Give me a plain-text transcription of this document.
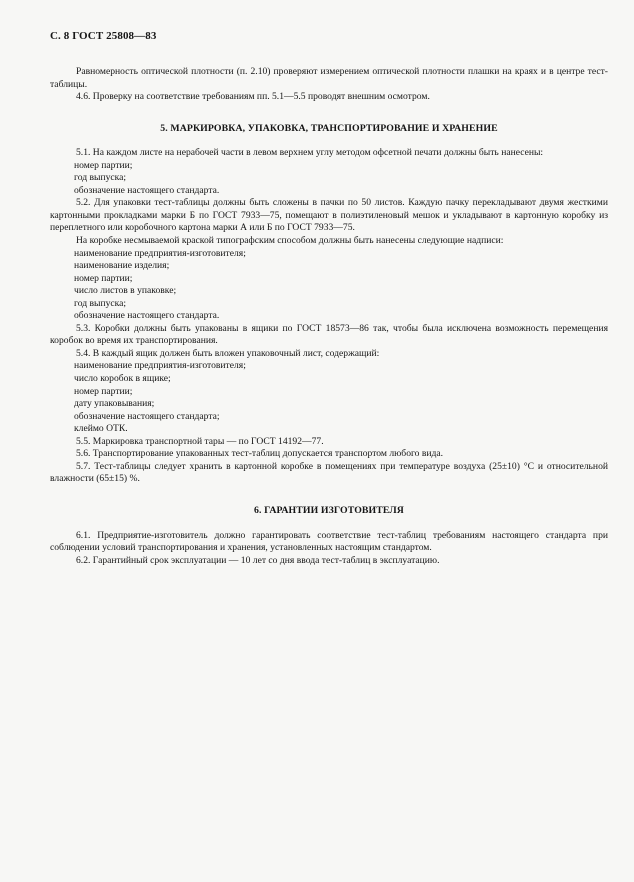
С. 8 ГОСТ 25808—83

Равномерность оптической плотности (п. 2.10) проверяют измерением оптической плотности плашки на краях и в центре тест-таблицы.

4.6. Проверку на соответствие требованиям пп. 5.1—5.5 проводят внешним осмотром.

5. МАРКИРОВКА, УПАКОВКА, ТРАНСПОРТИРОВАНИЕ И ХРАНЕНИЕ

5.1. На каждом листе на нерабочей части в левом верхнем углу методом офсетной печати должны быть нанесены:

номер партии;

год выпуска;

обозначение настоящего стандарта.

5.2. Для упаковки тест-таблицы должны быть сложены в пачки по 50 листов. Каждую пачку перекладывают двумя жесткими картонными прокладками марки Б по ГОСТ 7933—75, помещают в полиэтиленовый мешок и укладывают в картонную коробку из переплетного или коробочного картона марки А или Б по ГОСТ 7933—75.

На коробке несмываемой краской типографским способом должны быть нанесены следующие надписи:

наименование предприятия-изготовителя;

наименование изделия;

номер партии;

число листов в упаковке;

год выпуска;

обозначение настоящего стандарта.

5.3. Коробки должны быть упакованы в ящики по ГОСТ 18573—86 так, чтобы была исключена возможность перемещения коробок во время их транспортирования.

5.4. В каждый ящик должен быть вложен упаковочный лист, содержащий:

наименование предприятия-изготовителя;

число коробок в ящике;

номер партии;

дату упаковывания;

обозначение настоящего стандарта;

клеймо ОТК.

5.5. Маркировка транспортной тары — по ГОСТ 14192—77.

5.6. Транспортирование упакованных тест-таблиц допускается транспортом любого вида.

5.7. Тест-таблицы следует хранить в картонной коробке в помещениях при температуре воздуха (25±10) °С и относительной влажности (65±15) %.

6. ГАРАНТИИ ИЗГОТОВИТЕЛЯ

6.1. Предприятие-изготовитель должно гарантировать соответствие тест-таблиц требованиям настоящего стандарта при соблюдении условий транспортирования и хранения, установленных настоящим стандартом.

6.2. Гарантийный срок эксплуатации — 10 лет со дня ввода тест-таблиц в эксплуатацию.
